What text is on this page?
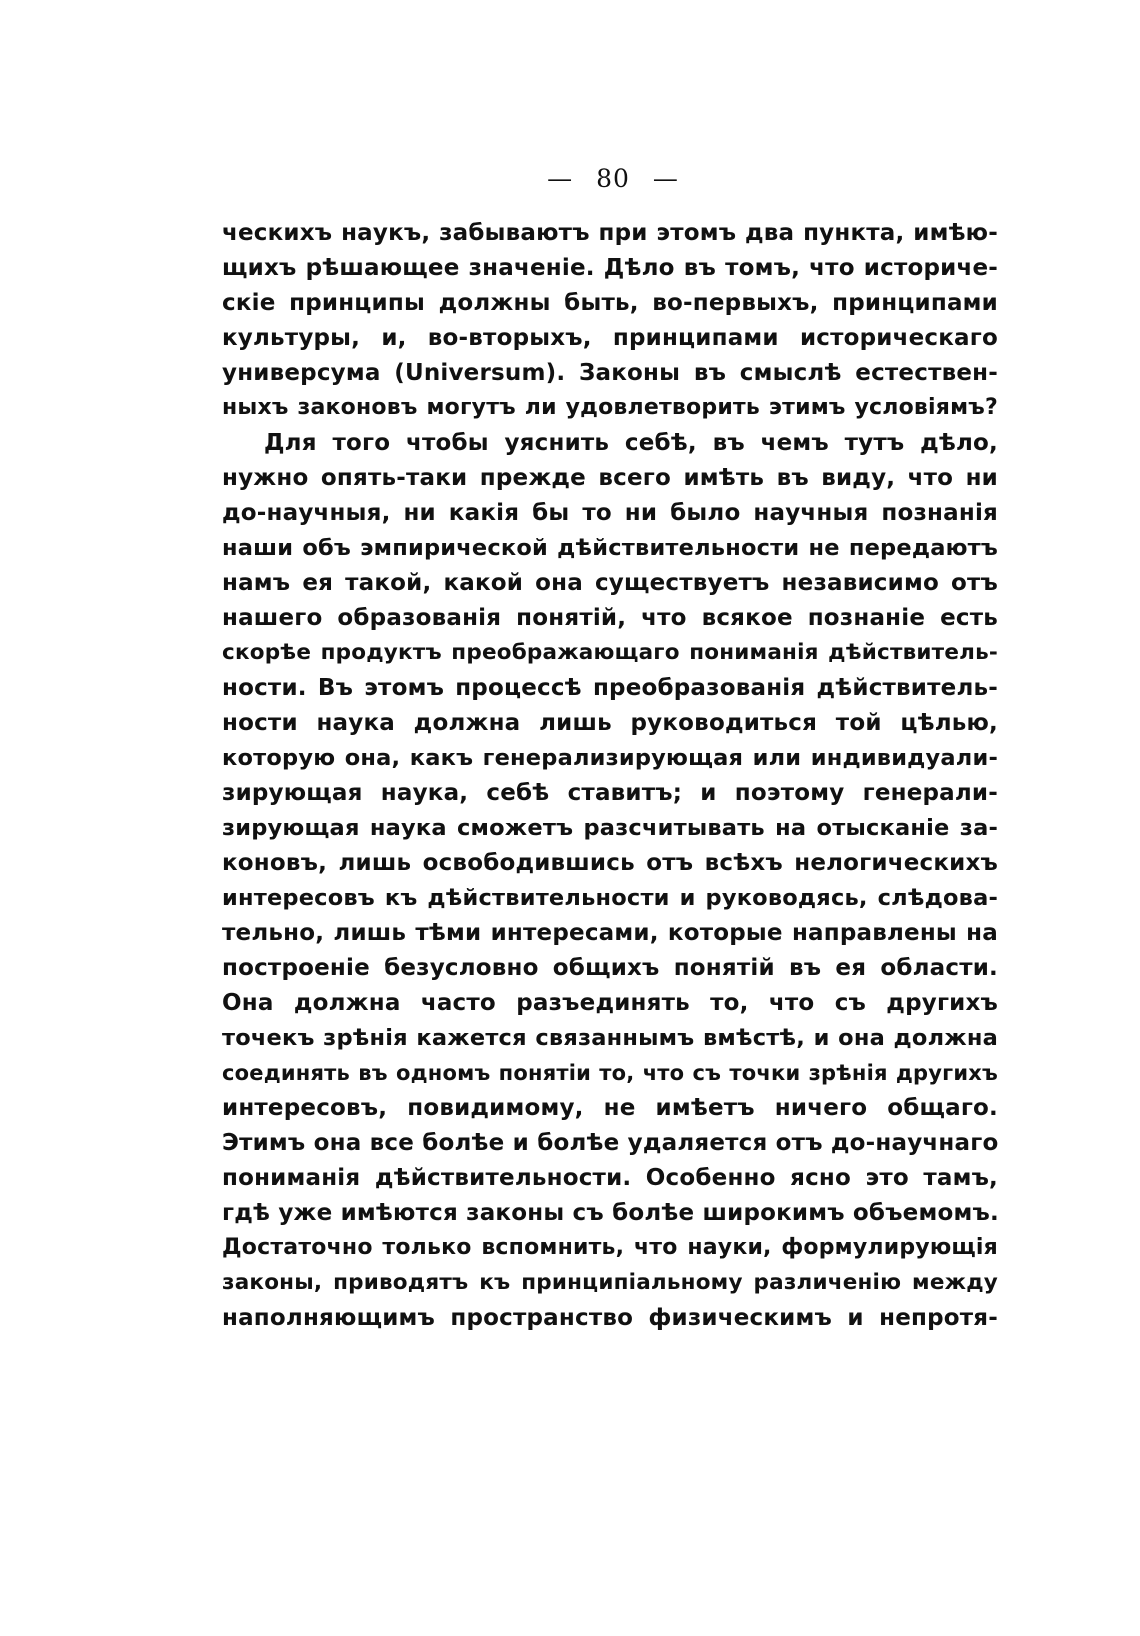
— 80 —
ческихъ наукъ, забываютъ при этомъ два пункта, имѣю-
щихъ рѣшающее значенiе. Дѣло въ томъ, что историче-
скiе принципы должны быть, во-первыхъ, принципами
культуры, и, во-вторыхъ, принципами историческаго
универсума (Universum). Законы въ смыслѣ естествен-
ныхъ законовъ могутъ ли удовлетворить этимъ условiямъ?
Для того чтобы уяснить себѣ, въ чемъ тутъ дѣло,
нужно опять-таки прежде всего имѣть въ виду, что ни
до-научныя, ни какiя бы то ни было научныя познанiя
наши объ эмпирической дѣйствительности не передаютъ
намъ ея такой, какой она существуетъ независимо отъ
нашего образованiя понятiй, что всякое познанiе есть
скорѣе продуктъ преображающаго пониманiя дѣйствитель-
ности. Въ этомъ процессѣ преобразованiя дѣйствитель-
ности наука должна лишь руководиться той цѣлью,
которую она, какъ генерализирующая или индивидуали-
зирующая наука, себѣ ставитъ; и поэтому генерали-
зирующая наука сможетъ разсчитывать на отысканiе за-
коновъ, лишь освободившись отъ всѣхъ нелогическихъ
интересовъ къ дѣйствительности и руководясь, слѣдова-
тельно, лишь тѣми интересами, которые направлены на
построенiе безусловно общихъ понятiй въ ея области.
Она должна часто разъединять то, что съ другихъ
точекъ зрѣнiя кажется связаннымъ вмѣстѣ, и она должна
соединять въ одномъ понятiи то, что съ точки зрѣнiя другихъ
интересовъ, повидимому, не имѣетъ ничего общаго.
Этимъ она все болѣе и болѣе удаляется отъ до-научнаго
пониманiя дѣйствительности. Особенно ясно это тамъ,
гдѣ уже имѣются законы съ болѣе широкимъ объемомъ.
Достаточно только вспомнить, что науки, формулирующiя
законы, приводятъ къ принципiальному различенiю между
наполняющимъ пространство физическимъ и непротя-
